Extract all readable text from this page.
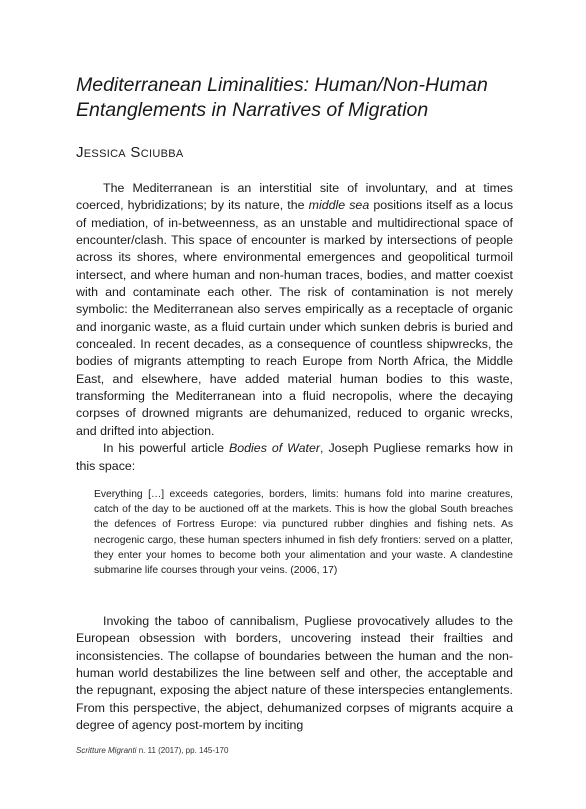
Mediterranean Liminalities: Human/Non-Human Entanglements in Narratives of Migration
Jessica Sciubba

The Mediterranean is an interstitial site of involuntary, and at times coerced, hybridizations; by its nature, the middle sea positions itself as a locus of mediation, of in-betweenness, as an unstable and multidirectional space of encounter/clash. This space of encounter is marked by intersections of people across its shores, where environmental emergences and geopolitical turmoil intersect, and where human and non-human traces, bodies, and matter coexist with and contaminate each other. The risk of contamination is not merely symbolic: the Mediterranean also serves empirically as a receptacle of organic and inorganic waste, as a fluid curtain under which sunken debris is buried and concealed. In recent decades, as a consequence of countless shipwrecks, the bodies of migrants attempting to reach Europe from North Africa, the Middle East, and elsewhere, have added material human bodies to this waste, transforming the Mediterranean into a fluid necropolis, where the decaying corpses of drowned migrants are dehumanized, reduced to organic wrecks, and drifted into abjection.

In his powerful article Bodies of Water, Joseph Pugliese remarks how in this space:

Everything […] exceeds categories, borders, limits: humans fold into marine creatures, catch of the day to be auctioned off at the markets. This is how the global South breaches the defences of Fortress Europe: via punctured rubber dinghies and fishing nets. As necrogenic cargo, these human specters inhumed in fish defy frontiers: served on a platter, they enter your homes to become both your alimentation and your waste. A clandestine submarine life courses through your veins. (2006, 17)

Invoking the taboo of cannibalism, Pugliese provocatively alludes to the European obsession with borders, uncovering instead their frailties and inconsistencies. The collapse of boundaries between the human and the non-human world destabilizes the line between self and other, the acceptable and the repugnant, exposing the abject nature of these interspecies entanglements. From this perspective, the abject, dehumanized corpses of migrants acquire a degree of agency post-mortem by inciting

Scritture Migranti n. 11 (2017), pp. 145-170
